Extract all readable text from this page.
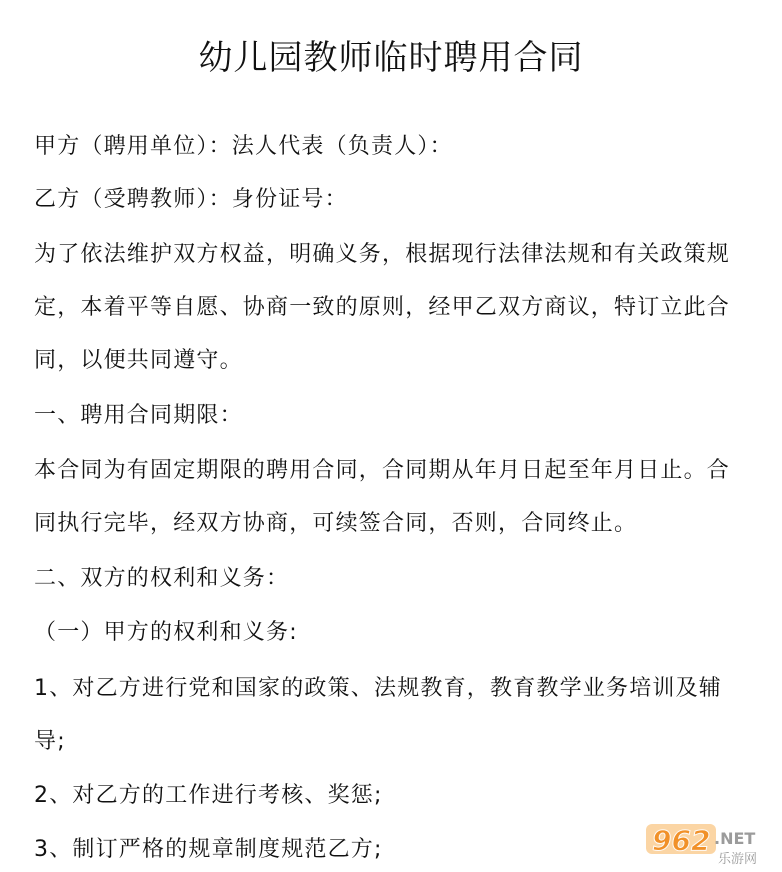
幼儿园教师临时聘用合同
甲方（聘用单位）：法人代表（负责人）：
乙方（受聘教师）：身份证号：
为了依法维护双方权益，明确义务，根据现行法律法规和有关政策规
定，本着平等自愿、协商一致的原则，经甲乙双方商议，特订立此合
同，以便共同遵守。
一、聘用合同期限：
本合同为有固定期限的聘用合同，合同期从年月日起至年月日止。合
同执行完毕，经双方协商，可续签合同，否则，合同终止。
二、双方的权利和义务：
（一）甲方的权利和义务:
1、对乙方进行党和国家的政策、法规教育，教育教学业务培训及辅
导;
2、对乙方的工作进行考核、奖惩;
3、制订严格的规章制度规范乙方;	962 .NET
乐游网
